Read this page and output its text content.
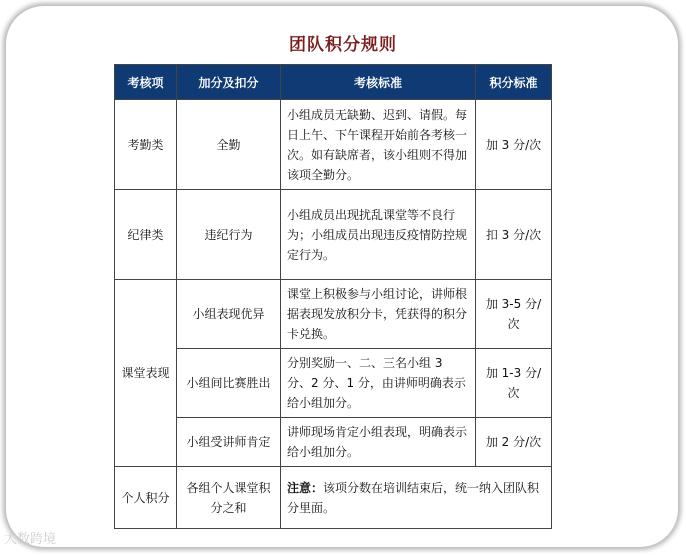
团队积分规则
考核项	加分及扣分	考核标准	积分标准
考勤类	全勤	小组成员无缺勤、迟到、请假。每日上午、下午课程开始前各考核一次。如有缺席者，该小组则不得加该项全勤分。	加 3 分/次
纪律类	违纪行为	小组成员出现扰乱课堂等不良行为；小组成员出现违反疫情防控规定行为。	扣 3 分/次
课堂表现	小组表现优异	课堂上积极参与小组讨论，讲师根据表现发放积分卡，凭获得的积分卡兑换。	加 3-5 分/次
	小组间比赛胜出	分别奖励一、二、三名小组 3 分、2 分、1 分，由讲师明确表示给小组加分。	加 1-3 分/次
	小组受讲师肯定	讲师现场肯定小组表现，明确表示给小组加分。	加 2 分/次
个人积分	各组个人课堂积分之和	注意：该项分数在培训结束后，统一纳入团队积分里面。	
大数跨境
